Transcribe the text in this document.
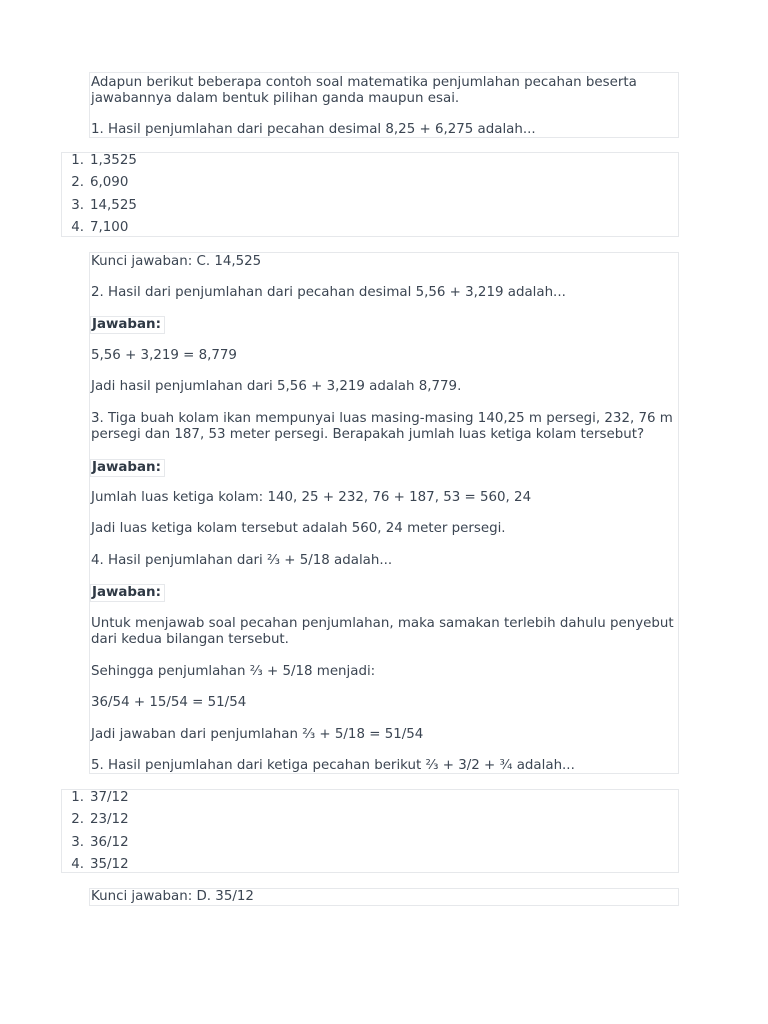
Adapun berikut beberapa contoh soal matematika penjumlahan pecahan beserta
jawabannya dalam bentuk pilihan ganda maupun esai.
1. Hasil penjumlahan dari pecahan desimal 8,25 + 6,275 adalah...
1. 1,3525
2. 6,090
3. 14,525
4. 7,100
Kunci jawaban: C. 14,525
2. Hasil dari penjumlahan dari pecahan desimal 5,56 + 3,219 adalah...
Jawaban:
5,56 + 3,219 = 8,779
Jadi hasil penjumlahan dari 5,56 + 3,219 adalah 8,779.
3. Tiga buah kolam ikan mempunyai luas masing-masing 140,25 m persegi, 232, 76 m
persegi dan 187, 53 meter persegi. Berapakah jumlah luas ketiga kolam tersebut?
Jawaban:
Jumlah luas ketiga kolam: 140, 25 + 232, 76 + 187, 53 = 560, 24
Jadi luas ketiga kolam tersebut adalah 560, 24 meter persegi.
4. Hasil penjumlahan dari ⅔ + 5/18 adalah...
Jawaban:
Untuk menjawab soal pecahan penjumlahan, maka samakan terlebih dahulu penyebut
dari kedua bilangan tersebut.
Sehingga penjumlahan ⅔ + 5/18 menjadi:
36/54 + 15/54 = 51/54
Jadi jawaban dari penjumlahan ⅔ + 5/18 = 51/54
5. Hasil penjumlahan dari ketiga pecahan berikut ⅔ + 3/2 + ¾ adalah...
1. 37/12
2. 23/12
3. 36/12
4. 35/12
Kunci jawaban: D. 35/12
